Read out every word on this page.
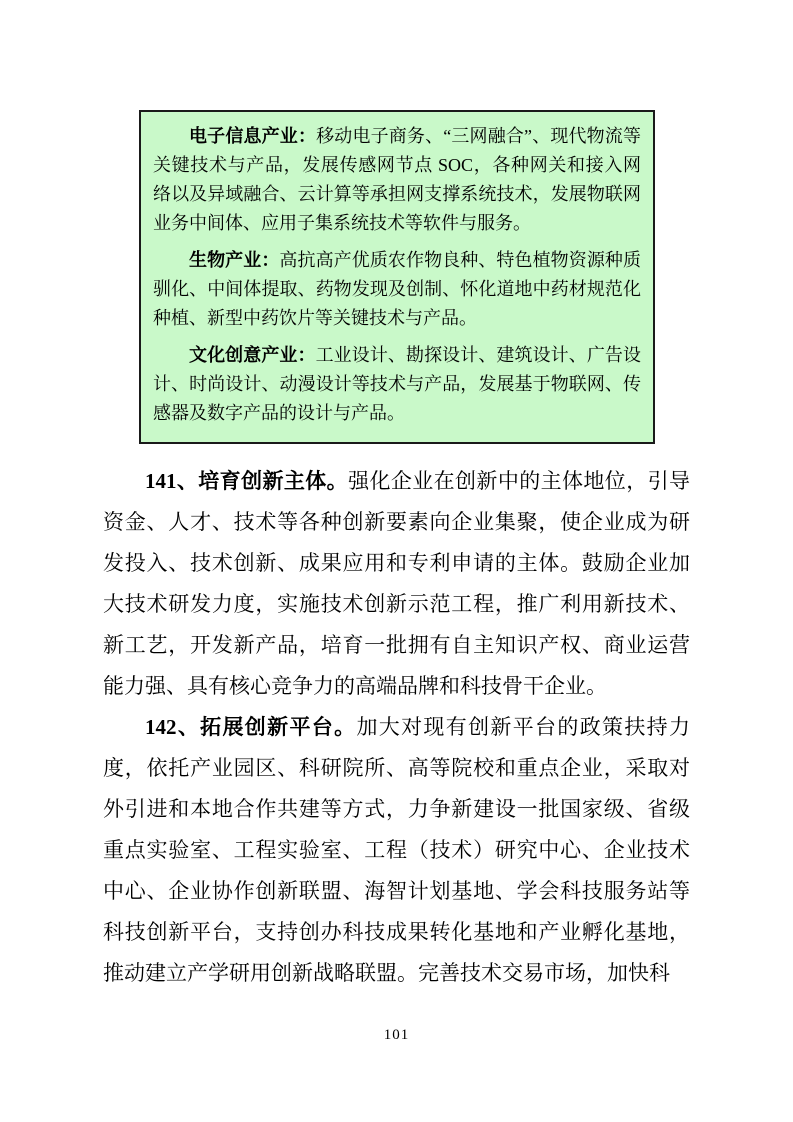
电子信息产业：移动电子商务、“三网融合”、现代物流等关键技术与产品，发展传感网节点 SOC，各种网关和接入网络以及异域融合、云计算等承担网支撑系统技术，发展物联网业务中间体、应用子集系统技术等软件与服务。

生物产业：高抗高产优质农作物良种、特色植物资源种质驯化、中间体提取、药物发现及创制、怀化道地中药材规范化种植、新型中药饮片等关键技术与产品。

文化创意产业：工业设计、勘探设计、建筑设计、广告设计、时尚设计、动漫设计等技术与产品，发展基于物联网、传感器及数字产品的设计与产品。

141、培育创新主体。强化企业在创新中的主体地位，引导资金、人才、技术等各种创新要素向企业集聚，使企业成为研发投入、技术创新、成果应用和专利申请的主体。鼓励企业加大技术研发力度，实施技术创新示范工程，推广利用新技术、新工艺，开发新产品，培育一批拥有自主知识产权、商业运营能力强、具有核心竞争力的高端品牌和科技骨干企业。

142、拓展创新平台。加大对现有创新平台的政策扶持力度，依托产业园区、科研院所、高等院校和重点企业，采取对外引进和本地合作共建等方式，力争新建设一批国家级、省级重点实验室、工程实验室、工程（技术）研究中心、企业技术中心、企业协作创新联盟、海智计划基地、学会科技服务站等科技创新平台，支持创办科技成果转化基地和产业孵化基地，推动建立产学研用创新战略联盟。完善技术交易市场，加快科

101
